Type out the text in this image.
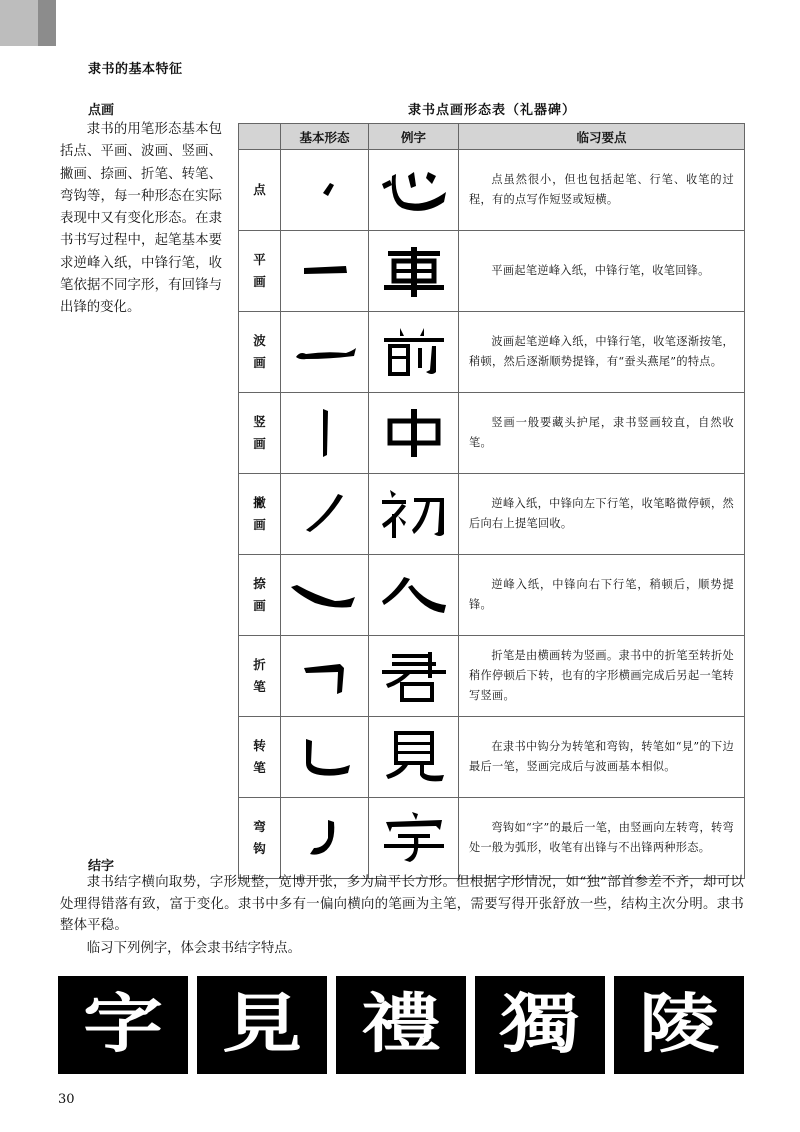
隶书的基本特征
点画

隶书的用笔形态基本包括点、平画、波画、竖画、撇画、捺画、折笔、转笔、弯钩等，每一种形态在实际表现中又有变化形态。在隶书书写过程中，起笔基本要求逆峰入纸，中锋行笔，收笔依据不同字形，有回锋与出锋的变化。

隶书点画形态表（礼器碑）
	基本形态	例字	临习要点
点			点虽然很小，但也包括起笔、行笔、收笔的过程，有的点写作短竖或短横。
平画			平画起笔逆峰入纸，中锋行笔，收笔回锋。
波画			波画起笔逆峰入纸，中锋行笔，收笔逐渐按笔，稍顿，然后逐渐顺势提锋，有“蚕头燕尾”的特点。
竖画			竖画一般要藏头护尾，隶书竖画较直，自然收笔。
撇画			逆峰入纸，中锋向左下行笔，收笔略微停顿，然后向右上提笔回收。
捺画			逆峰入纸，中锋向右下行笔，稍顿后，顺势提锋。
折笔			折笔是由横画转为竖画。隶书中的折笔至转折处稍作停顿后下转，也有的字形横画完成后另起一笔转写竖画。
转笔			在隶书中钩分为转笔和弯钩，转笔如“見”的下边最后一笔，竖画完成后与波画基本相似。
弯钩			弯钩如“字”的最后一笔，由竖画向左转弯，转弯处一般为弧形，收笔有出锋与不出锋两种形态。
结字

隶书结字横向取势，字形规整，宽博开张，多为扁平长方形。但根据字形情况，如“独”部首参差不齐，却可以处理得错落有致，富于变化。隶书中多有一偏向横向的笔画为主笔，需要写得开张舒放一些，结构主次分明。隶书整体平稳。

临习下列例字，体会隶书结字特点。

字 見 禮 獨 陵
30
